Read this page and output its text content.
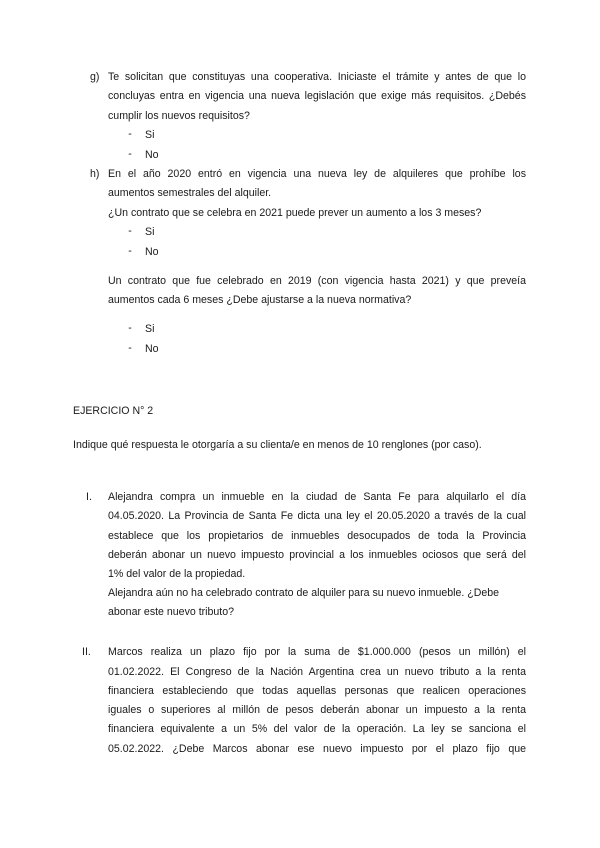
g) Te solicitan que constituyas una cooperativa. Iniciaste el trámite y antes de que lo
concluyas entra en vigencia una nueva legislación que exige más requisitos. ¿Debés
cumplir los nuevos requisitos?
- Si
- No
h) En el año 2020 entró en vigencia una nueva ley de alquileres que prohíbe los
aumentos semestrales del alquiler.
¿Un contrato que se celebra en 2021 puede prever un aumento a los 3 meses?
- Si
- No
Un contrato que fue celebrado en 2019 (con vigencia hasta 2021) y que preveía
aumentos cada 6 meses ¿Debe ajustarse a la nueva normativa?
- Si
- No
EJERCICIO N° 2
Indique qué respuesta le otorgaría a su clienta/e en menos de 10 renglones (por caso).
I. Alejandra compra un inmueble en la ciudad de Santa Fe para alquilarlo el día
04.05.2020. La Provincia de Santa Fe dicta una ley el 20.05.2020 a través de la cual
establece que los propietarios de inmuebles desocupados de toda la Provincia
deberán abonar un nuevo impuesto provincial a los inmuebles ociosos que será del
1% del valor de la propiedad.
Alejandra aún no ha celebrado contrato de alquiler para su nuevo inmueble. ¿Debe
abonar este nuevo tributo?
II. Marcos realiza un plazo fijo por la suma de $1.000.000 (pesos un millón) el
01.02.2022. El Congreso de la Nación Argentina crea un nuevo tributo a la renta
financiera estableciendo que todas aquellas personas que realicen operaciones
iguales o superiores al millón de pesos deberán abonar un impuesto a la renta
financiera equivalente a un 5% del valor de la operación. La ley se sanciona el
05.02.2022. ¿Debe Marcos abonar ese nuevo impuesto por el plazo fijo que
